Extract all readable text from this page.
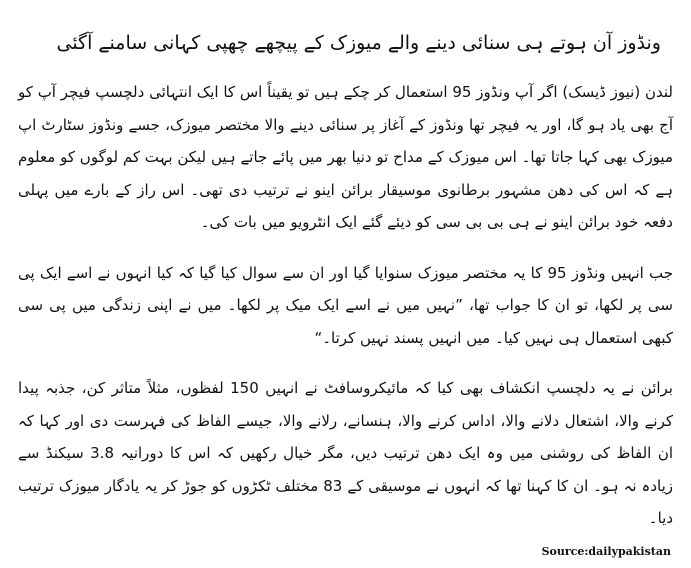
ونڈوز آن ہوتے ہی سنائی دینے والے میوزک کے پیچھے چھپی کہانی سامنے آگئی

لندن (نیوز ڈیسک) اگر آپ ونڈوز 95 استعمال کر چکے ہیں تو یقیناً اس کا ایک انتہائی دلچسپ فیچر آپ کو آج بھی یاد ہو گا، اور یہ فیچر تھا ونڈوز کے آغاز پر سنائی دینے والا مختصر میوزک، جسے ونڈوز سٹارٹ اپ میوزک بھی کہا جاتا تھا۔ اس میوزک کے مداح تو دنیا بھر میں پائے جاتے ہیں لیکن بہت کم لوگوں کو معلوم ہے کہ اس کی دھن مشہور برطانوی موسیقار برائن اینو نے ترتیب دی تھی۔ اس راز کے بارے میں پہلی دفعہ خود برائن اینو نے ہی بی بی سی کو دیئے گئے ایک انٹرویو میں بات کی۔

جب انہیں ونڈوز 95 کا یہ مختصر میوزک سنوایا گیا اور ان سے سوال کیا گیا کہ کیا انہوں نے اسے ایک پی سی پر لکھا، تو ان کا جواب تھا، ”نہیں میں نے اسے ایک میک پر لکھا۔ میں نے اپنی زندگی میں پی سی کبھی استعمال ہی نہیں کیا۔ میں انہیں پسند نہیں کرتا۔“

برائن نے یہ دلچسپ انکشاف بھی کیا کہ مائیکروسافٹ نے انہیں 150 لفظوں، مثلاً متاثر کن، جذبہ پیدا کرنے والا، اشتعال دلانے والا، اداس کرنے والا، ہنسانے، رلانے والا، جیسے الفاظ کی فہرست دی اور کہا کہ ان الفاظ کی روشنی میں وہ ایک دھن ترتیب دیں، مگر خیال رکھیں کہ اس کا دورانیہ 3.8 سیکنڈ سے زیادہ نہ ہو۔ ان کا کہنا تھا کہ انہوں نے موسیقی کے 83 مختلف ٹکڑوں کو جوڑ کر یہ یادگار میوزک ترتیب دیا۔

Source:dailypakistan
